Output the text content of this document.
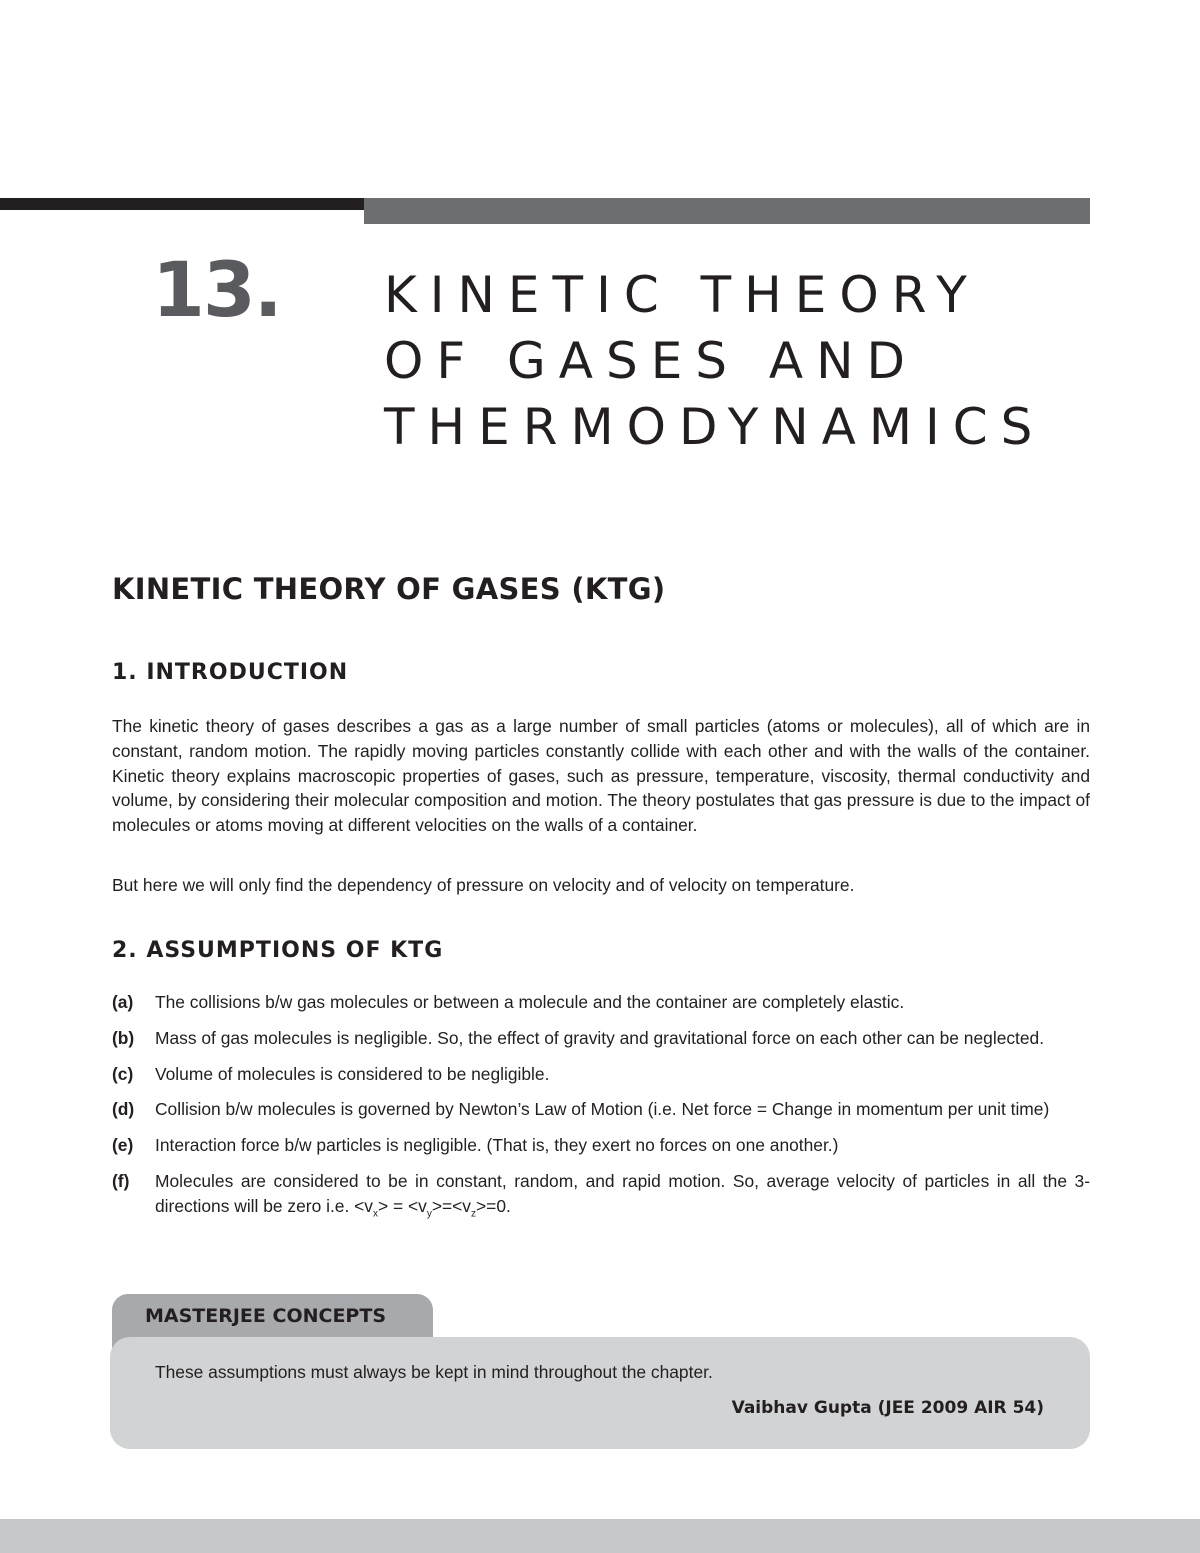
13. KINETIC THEORY
OF GASES AND
THERMODYNAMICS
KINETIC THEORY OF GASES (KTG)
1. INTRODUCTION

The kinetic theory of gases describes a gas as a large number of small particles (atoms or molecules), all of which are in constant, random motion. The rapidly moving particles constantly collide with each other and with the walls of the container. Kinetic theory explains macroscopic properties of gases, such as pressure, temperature, viscosity, thermal conductivity and volume, by considering their molecular composition and motion. The theory postulates that gas pressure is due to the impact of molecules or atoms moving at different velocities on the walls of a container.

But here we will only find the dependency of pressure on velocity and of velocity on temperature.

2. ASSUMPTIONS OF KTG
(a) The collisions b/w gas molecules or between a molecule and the container are completely elastic.
(b) Mass of gas molecules is negligible. So, the effect of gravity and gravitational force on each other can be neglected.
(c) Volume of molecules is considered to be negligible.
(d) Collision b/w molecules is governed by Newton’s Law of Motion (i.e. Net force = Change in momentum per unit time)
(e) Interaction force b/w particles is negligible. (That is, they exert no forces on one another.)
(f) Molecules are considered to be in constant, random, and rapid motion. So, average velocity of particles in all the 3-directions will be zero i.e. $<v_x> = <v_y>=<v_z>=0$.
MASTERJEE CONCEPTS
These assumptions must always be kept in mind throughout the chapter.
Vaibhav Gupta (JEE 2009 AIR 54)
